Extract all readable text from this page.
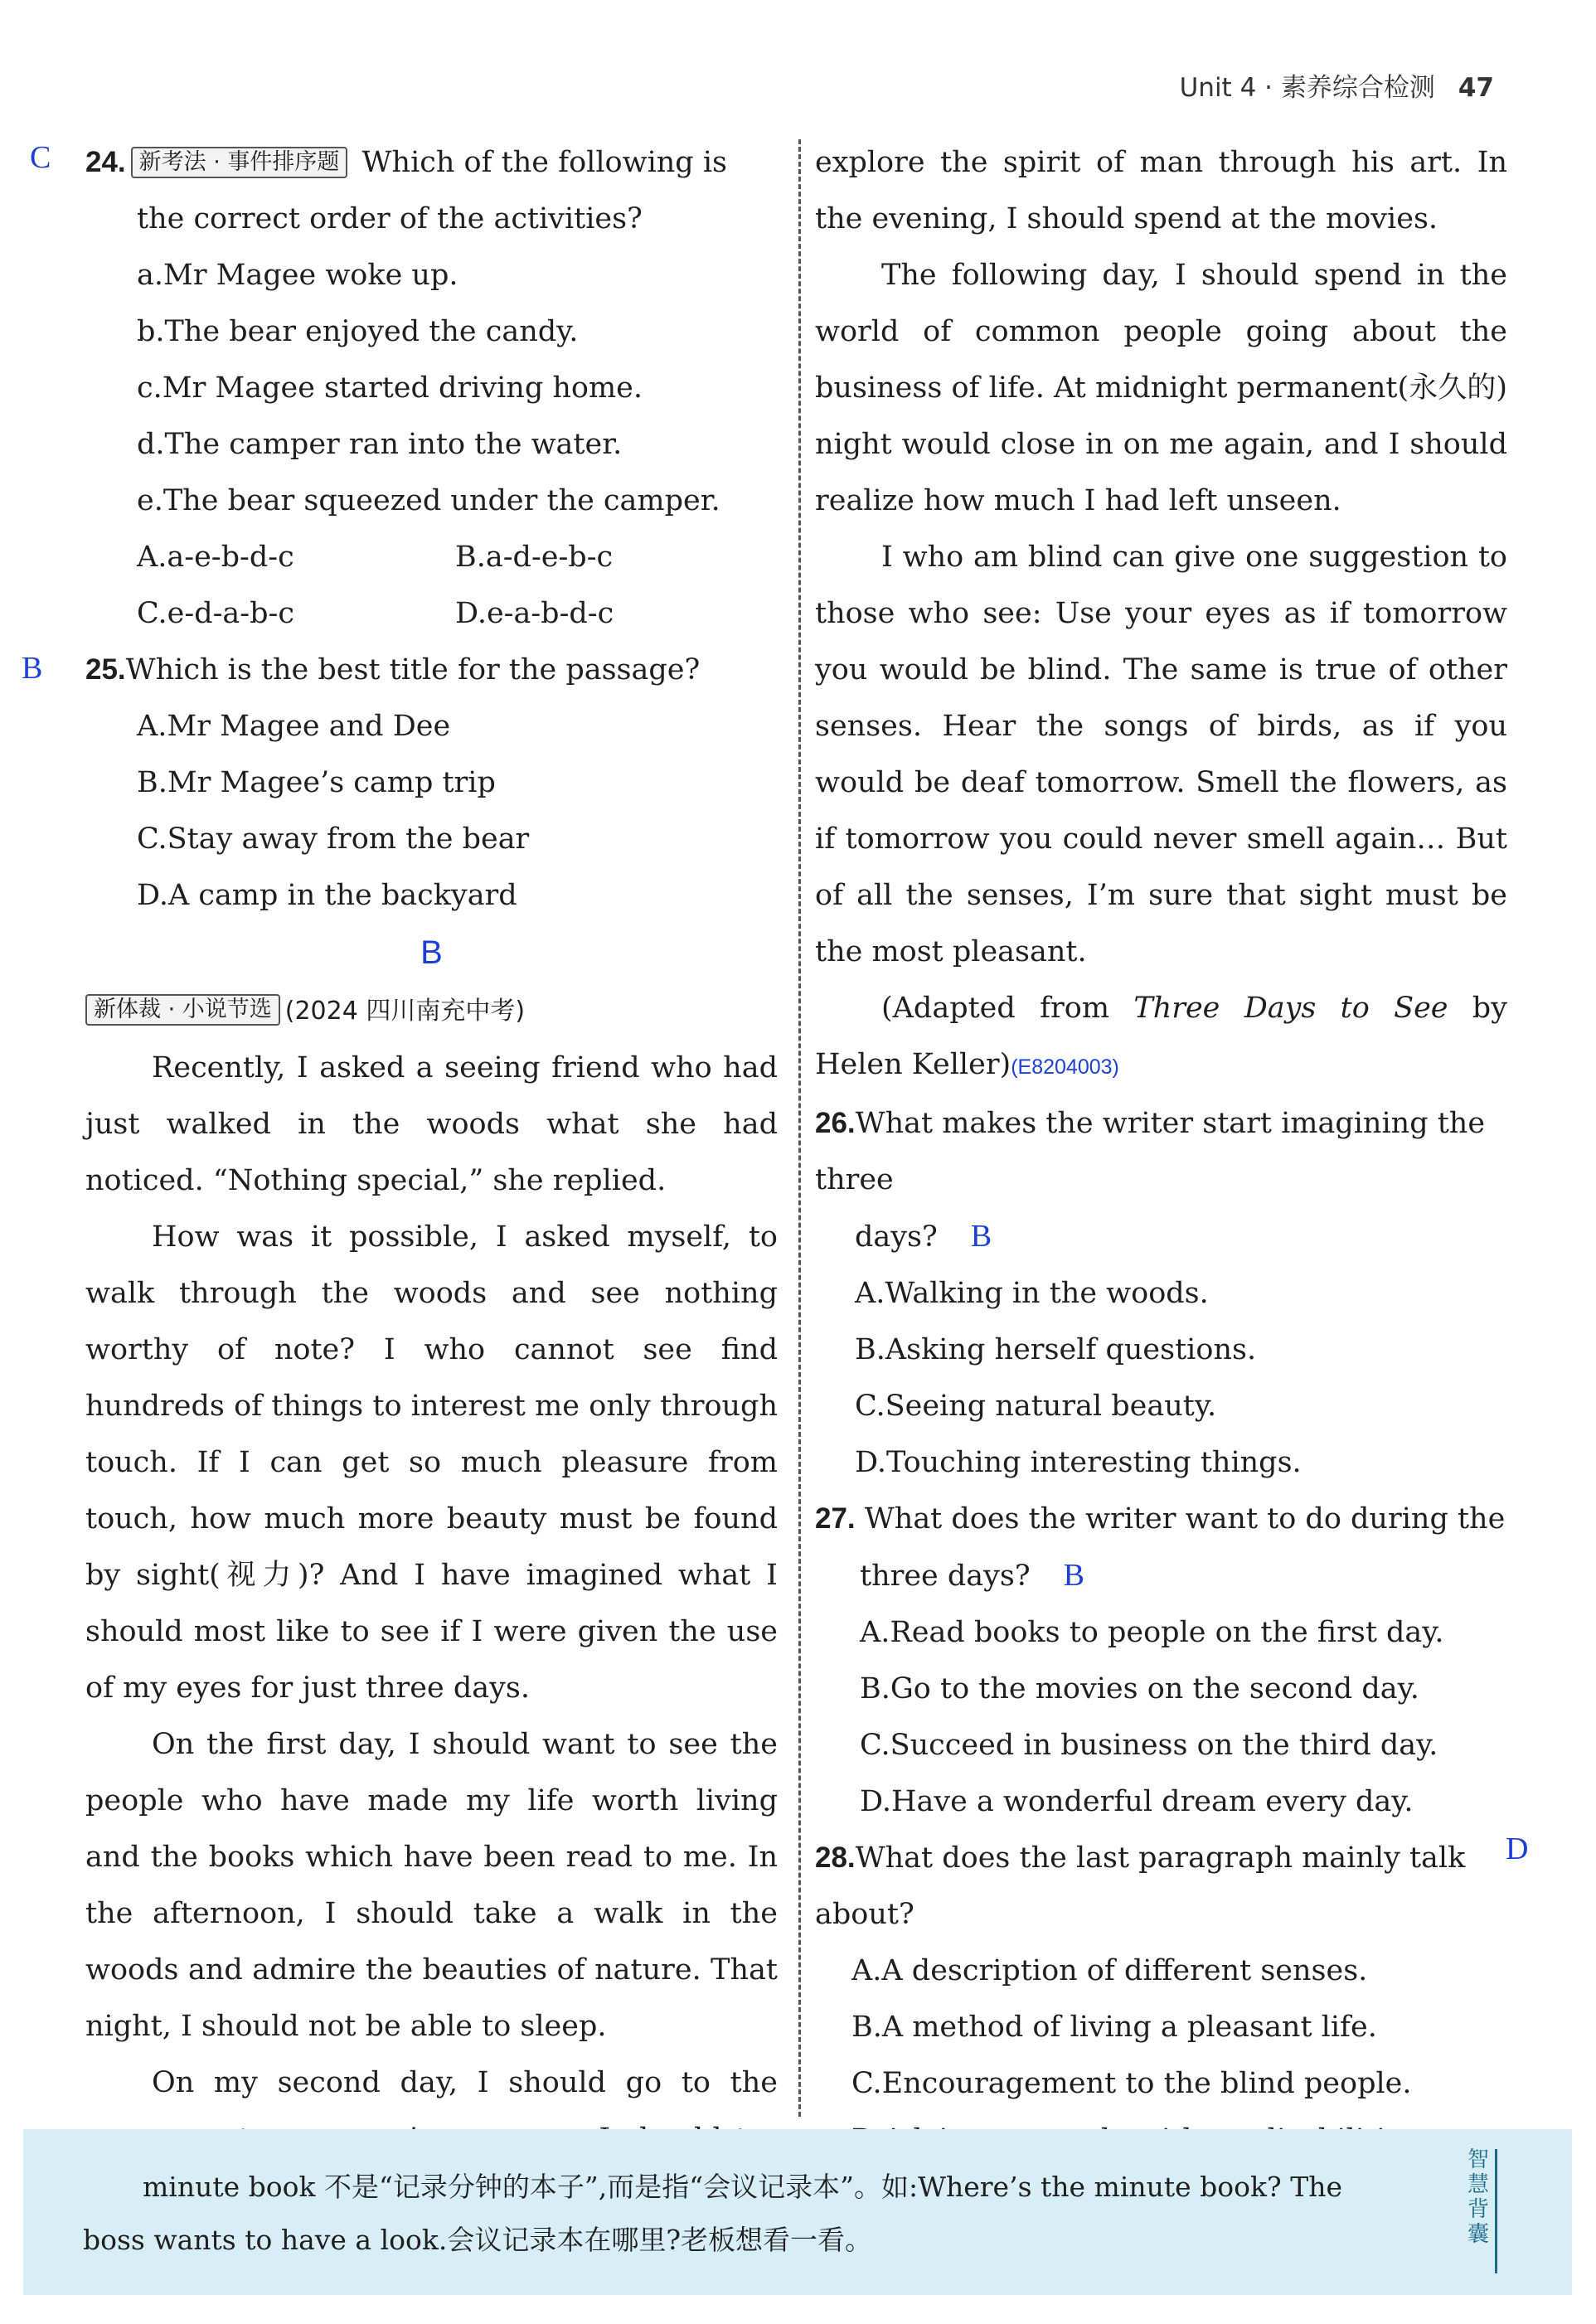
Unit 4 · 素养综合检测 47
C
B
D

24. 新考法 · 事件排序题 Which of the following is

the correct order of the activities?

a.Mr Magee woke up.

b.The bear enjoyed the candy.

c.Mr Magee started driving home.

d.The camper ran into the water.

e.The bear squeezed under the camper.

A.a-e-b-d-c	B.a-d-e-b-c
C.e-d-a-b-c	D.e-a-b-d-c

25.Which is the best title for the passage?

A.Mr Magee and Dee

B.Mr Magee’s camp trip

C.Stay away from the bear

D.A camp in the backyard

B

新体裁 · 小说节选 (2024 四川南充中考)

Recently, I asked a seeing friend who had just walked in the woods what she had noticed. “Nothing special,” she replied.

How was it possible, I asked myself, to walk through the woods and see nothing worthy of note? I who cannot see find hundreds of things to interest me only through touch. If I can get so much pleasure from touch, how much more beauty must be found by sight(视力)? And I have imagined what I should most like to see if I were given the use of my eyes for just three days.

On the first day, I should want to see the people who have made my life worth living and the books which have been read to me. In the afternoon, I should take a walk in the woods and admire the beauties of nature. That night, I should not be able to sleep.

On my second day, I should go to the

explore the spirit of man through his art. In the evening, I should spend at the movies.

The following day, I should spend in the world of common people going about the business of life. At midnight permanent(永久的) night would close in on me again, and I should realize how much I had left unseen.

I who am blind can give one suggestion to those who see: Use your eyes as if tomorrow you would be blind. The same is true of other senses. Hear the songs of birds, as if you would be deaf tomorrow. Smell the flowers, as if tomorrow you could never smell again… But of all the senses, I’m sure that sight must be the most pleasant.

(Adapted from Three Days to See by Helen Keller)(E8204003)

26.What makes the writer start imagining the three

days? B

A.Walking in the woods.

B.Asking herself questions.

C.Seeing natural beauty.

D.Touching interesting things.

27. What does the writer want to do during the

three days? B

A.Read books to people on the first day.

B.Go to the movies on the second day.

C.Succeed in business on the third day.

D.Have a wonderful dream every day.

28.What does the last paragraph mainly talk about?

A.A description of different senses.

B.A method of living a pleasant life.

C.Encouragement to the blind people.

minute book 不是“记录分钟的本子”,而是指“会议记录本”。如:Where’s the minute book? The
boss wants to have a look.会议记录本在哪里?老板想看一看。
智慧背囊
